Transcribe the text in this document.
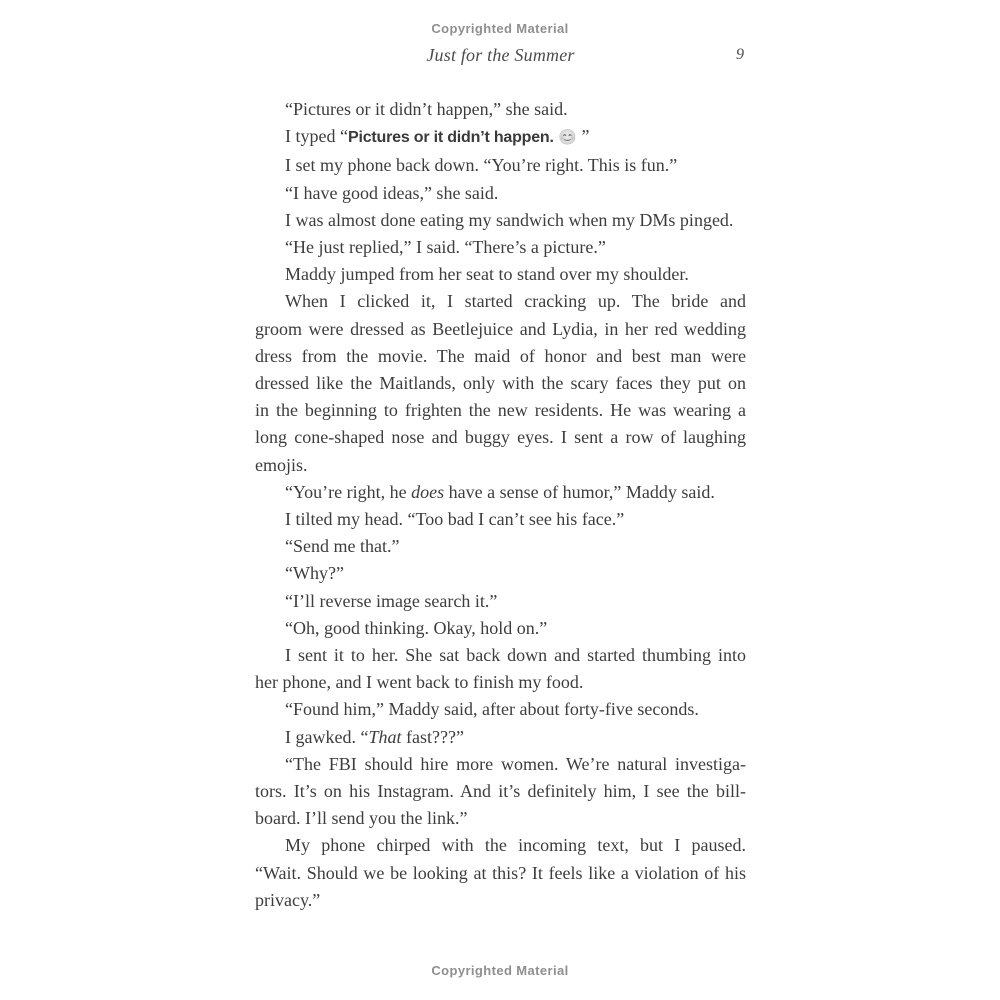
Copyrighted Material
Just for the Summer	9
“Pictures or it didn’t happen,” she said.
I typed “Pictures or it didn’t happen. 😊 ”
I set my phone back down. “You’re right. This is fun.”
“I have good ideas,” she said.
I was almost done eating my sandwich when my DMs pinged.
“He just replied,” I said. “There’s a picture.”
Maddy jumped from her seat to stand over my shoulder.
When I clicked it, I started cracking up. The bride and
groom were dressed as Beetlejuice and Lydia, in her red wedding
dress from the movie. The maid of honor and best man were
dressed like the Maitlands, only with the scary faces they put on
in the beginning to frighten the new residents. He was wearing a
long cone-shaped nose and buggy eyes. I sent a row of laughing
emojis.
“You’re right, he does have a sense of humor,” Maddy said.
I tilted my head. “Too bad I can’t see his face.”
“Send me that.”
“Why?”
“I’ll reverse image search it.”
“Oh, good thinking. Okay, hold on.”
I sent it to her. She sat back down and started thumbing into
her phone, and I went back to finish my food.
“Found him,” Maddy said, after about forty-five seconds.
I gawked. “That fast???”
“The FBI should hire more women. We’re natural investiga-
tors. It’s on his Instagram. And it’s definitely him, I see the bill-
board. I’ll send you the link.”
My phone chirped with the incoming text, but I paused.
“Wait. Should we be looking at this? It feels like a violation of his
privacy.”
Copyrighted Material
